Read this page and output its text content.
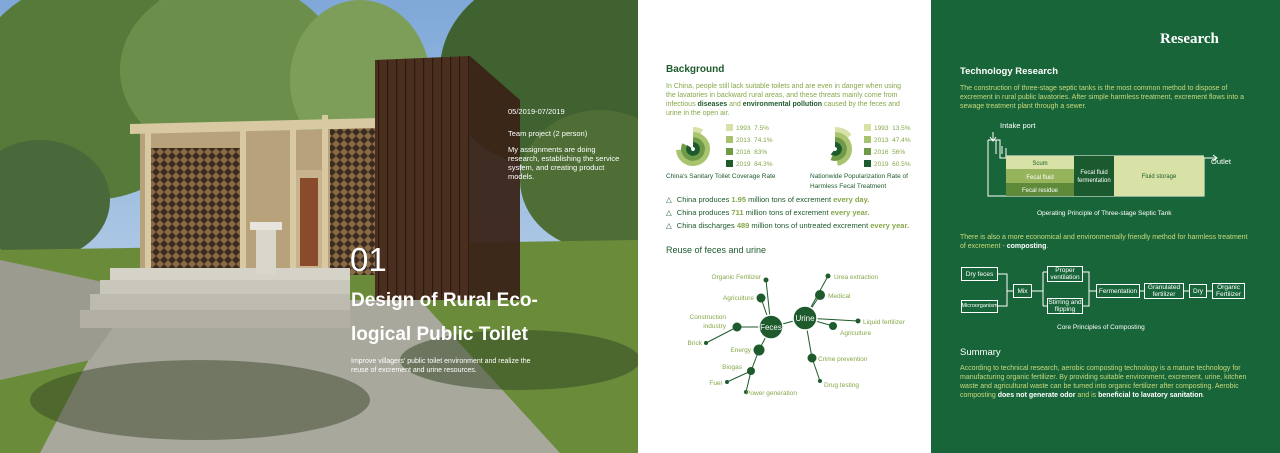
05/2019-07/2019
Team project (2 person)
My assignments are doing research, establishing the service system, and creating product models.
01
Design of Rural Eco-
logical Public Toilet
Improve villagers' public toilet environment and realize the reuse of excrement and urine resources.
Background
In China, people still lack suitable toilets and are even in danger when using the lavatories in backward rural areas, and these threats mainly come from infectious diseases and environmental pollution caused by the feces and urine in the open air.
1993 7.5%
2013 74.1%
2016 83%
2019 84.3%
China's Sanitary Toilet Coverage Rate
1993 13.5%
2013 47.4%
2016 56%
2019 60.5%
Nationwide Popularization Rate of
Harmless Fecal Treatment
△ China produces 1.95 million tons of excrement every day.
△ China produces 711 million tons of excrement every year.
△ China discharges 489 million tons of untreated excrement every year.
Reuse of feces and urine
Feces
Urine
Organic Fertilizer
Agriculture
Construction
industry
Brick
Energy
Biogas
Fuel
Power generation
Urea extraction
Medical
Liquid fertilizer
Agriculture
Crime prevention
Drug testing
Research
Technology Research
The construction of three-stage septic tanks is the most common method to dispose of excrement in rural public lavatories. After simple harmless treatment, excrement flows into a sewage treatment plant through a sewer.
Intake port
Outlet
Scum
Fecal fluid
Fecal residue
Fecal fluid
fermentation
Fluid storage
Operating Principle of Three-stage Septic Tank
There is also a more economical and environmentally friendly method for harmless treatment of excrement - composting.
Dry feces
Microorganism
Mix
Proper
ventilation
Stirring and
flipping
Fermentation	Granulated
fertilizer	Dry	Organic
Fertilizer
Core Principles of Composting
Summary
According to technical research, aerobic composting technology is a mature technology for manufacturing organic fertilizer. By providing suitable environment, excrement, urine, kitchen waste and agricultural waste can be turned into organic fertilizer after composting. Aerobic composting does not generate odor and is beneficial to lavatory sanitation.
